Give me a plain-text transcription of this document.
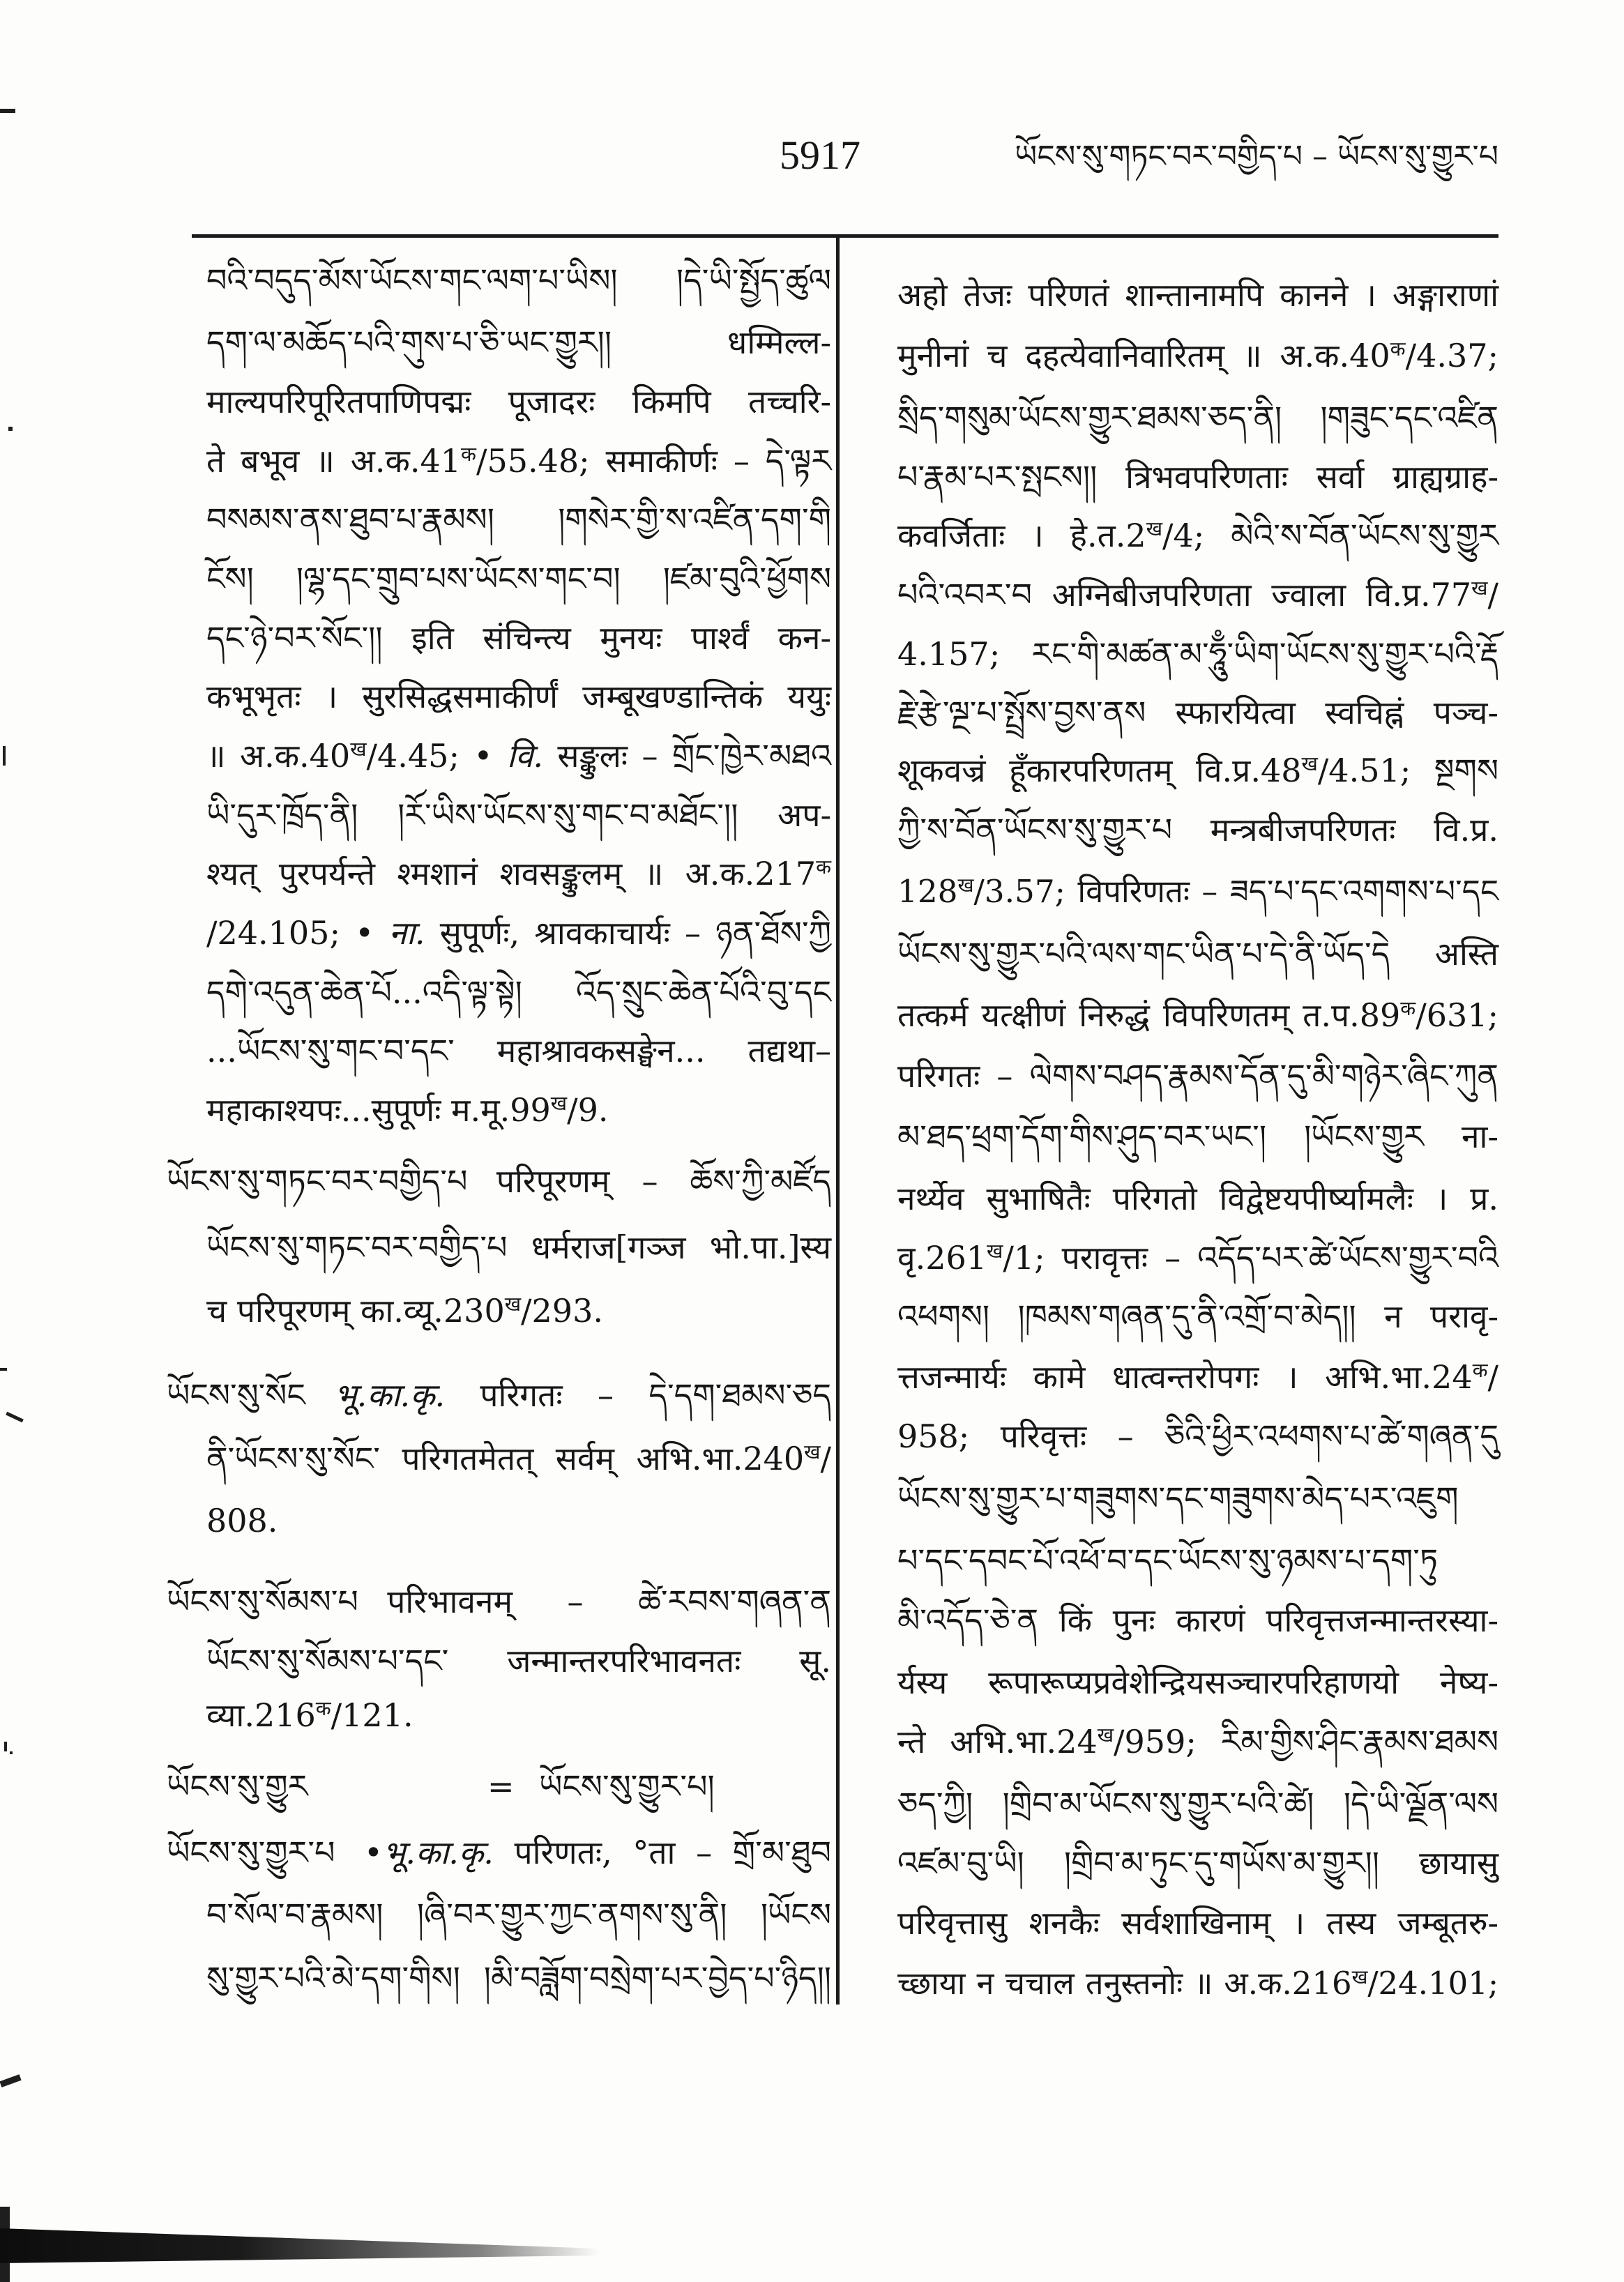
5917	ཡོངས་སུ་གཏང་བར་བགྱིད་པ – ཡོངས་སུ་གྱུར་པ
བའི་བདུད་མོས་ཡོངས་གང་ལག་པ་ཡིས། །དེ་ཡི་སྤྱོད་ཚུལ
དག་ལ་མཆོད་པའི་གུས་པ་ཅི་ཡང་གྱུར།། धम्मिल्ल-
माल्यपरिपूरितपाणिपद्मः पूजादरः किमपि तच्चरि-
ते बभूव ॥ $अ.क.41^क/55.48$; समाकीर्णः – དེ་ལྟར
བསམས་ནས་ཐུབ་པ་རྣམས། །གསེར་གྱི་ས་འཛིན་དག་གི
ངོས། །ལྷ་དང་གྲུབ་པས་ཡོངས་གང་བ། །ཛམ་བུའི་ཕྱོགས
དང་ཉེ་བར་སོང་།། इति संचिन्त्य मुनयः पार्श्वं कन-
कभूभृतः । सुरसिद्धसमाकीर्णं जम्बूखण्डान्तिकं ययुः
॥ $अ.क.40^ख/4.45$; • वि. सङ्कुलः – གྲོང་ཁྱེར་མཐའ
ཡི་དུར་ཁྲོད་ནི། །རོ་ཡིས་ཡོངས་སུ་གང་བ་མཐོང་།། अप-
श्यत् पुरपर्यन्ते श्मशानं शवसङ्कुलम् ॥ $अ.क.217^क$
/24.105; • ना. सुपूर्णः, श्रावकाचार्यः – ཉན་ཐོས་ཀྱི
དགེ་འདུན་ཆེན་པོ...འདི་ལྟ་སྟེ། འོད་སྲུང་ཆེན་པོའི་བུ་དང
...ཡོངས་སུ་གང་བ་དང་ महाश्रावकसङ्घेन... तद्यथा–
महाकाश्यपः...सुपूर्णः $म.मू.99^ख/9$.
ཡོངས་སུ་གཏང་བར་བགྱིད་པ परिपूरणम् – ཆོས་ཀྱི་མཛོད
ཡོངས་སུ་གཏང་བར་བགྱིད་པ धर्मराज[गञ्ज भो.पा.]स्य
च परिपूरणम् $का.व्यू.230^ख/293$.
ཡོངས་སུ་སོང भू.का.कृ. परिगतः – དེ་དག་ཐམས་ཅད
ནི་ཡོངས་སུ་སོང་ परिगतमेतत् सर्वम् $अभि.भा.240^ख/$
808.
ཡོངས་སུ་སོམས་པ परिभावनम् – ཚེ་རབས་གཞན་ན
ཡོངས་སུ་སོམས་པ་དང་ जन्मान्तरपरिभावनतः सू.
$व्या.216^क/121$.
ཡོངས་སུ་གྱུར	= ཡོངས་སུ་གྱུར་པ།
ཡོངས་སུ་གྱུར་པ •भू.का.कृ. परिणतः, °ता – གྲོ་མ་ཐུབ
བ་སོལ་བ་རྣམས། །ཞི་བར་གྱུར་ཀྱང་ནགས་སུ་ནི། །ཡོངས
སུ་གྱུར་པའི་མེ་དག་གིས། །མི་བཟློག་བསྲེག་པར་བྱེད་པ་ཉིད།།
अहो तेजः परिणतं शान्तानामपि कानने । अङ्गाराणां
मुनीनां च दहत्येवानिवारितम् ॥ $अ.क.40^क/4.37$;
སྲིད་གསུམ་ཡོངས་གྱུར་ཐམས་ཅད་ནི། །གཟུང་དང་འཛིན
པ་རྣམ་པར་སྤངས།། त्रिभवपरिणताः सर्वा ग्राह्यग्राह-
कवर्जिताः । $हे.त.2^ख/4$; མེའི་ས་བོན་ཡོངས་སུ་གྱུར
པའི་འབར་བ अग्निबीजपरिणता ज्वाला $वि.प्र.77^ख/$
4.157; རང་གི་མཚན་མ་ཧཱུྃ་ཡིག་ཡོངས་སུ་གྱུར་པའི་རྡོ
རྗེ་རྩེ་ལྔ་པ་སྤྲོས་བྱས་ནས स्फारयित्वा स्वचिह्नं पञ्च-
शूकवज्रं हूँकारपरिणतम् $वि.प्र.48^ख/4.51$; སྔགས
ཀྱི་ས་བོན་ཡོངས་སུ་གྱུར་པ मन्त्रबीजपरिणतः वि.प्र.
$128^ख/3.57$; विपरिणतः – ཟད་པ་དང་འགགས་པ་དང
ཡོངས་སུ་གྱུར་པའི་ལས་གང་ཡིན་པ་དེ་ནི་ཡོད་དེ अस्ति
तत्कर्म यत्क्षीणं निरुद्धं विपरिणतम् $त.प.89^क/631$;
परिगतः – ལེགས་བཤད་རྣམས་དོན་དུ་མི་གཉེར་ཞིང་ཀུན
མ་ཐད་ཕྲག་དོག་གིས་ཤུད་བར་ཡང་། །ཡོངས་གྱུར ना-
नर्थ्येव सुभाषितैः परिगतो विद्वेष्टयपीर्ष्यामलैः । प्र.
$वृ.261^ख/1$; परावृत्तः – འདོད་པར་ཚེ་ཡོངས་གྱུར་བའི
འཕགས། །ཁམས་གཞན་དུ་ནི་འགྲོ་བ་མེད།། न परावृ-
त्तजन्मार्यः कामे धात्वन्तरोपगः । $अभि.भा.24^क/$
958; परिवृत्तः – ཅིའི་ཕྱིར་འཕགས་པ་ཚེ་གཞན་དུ
ཡོངས་སུ་གྱུར་པ་གཟུགས་དང་གཟུགས་མེད་པར་འཇུག
པ་དང་དབང་པོ་འཕོ་བ་དང་ཡོངས་སུ་ཉམས་པ་དག་ཏུ
མི་འདོད་ཅེ་ན किं पुनः कारणं परिवृत्तजन्मान्तरस्या-
र्यस्य रूपारूप्यप्रवेशेन्द्रियसञ्चारपरिहाणयो नेष्य-
न्ते $अभि.भा.24^ख/959$; རིམ་གྱིས་ཤིང་རྣམས་ཐམས
ཅད་ཀྱི། །གྲིབ་མ་ཡོངས་སུ་གྱུར་པའི་ཚེ། །དེ་ཡི་ལྗོན་ལས
འཛམ་བུ་ཡི། །གྲིབ་མ་ཏུང་དུ་གཡོས་མ་གྱུར།། छायासु
परिवृत्तासु शनकैः सर्वशाखिनाम् । तस्य जम्बूतरु-
च्छाया न चचाल तनुस्तनोः ॥ $अ.क.216^ख/24.101$;
